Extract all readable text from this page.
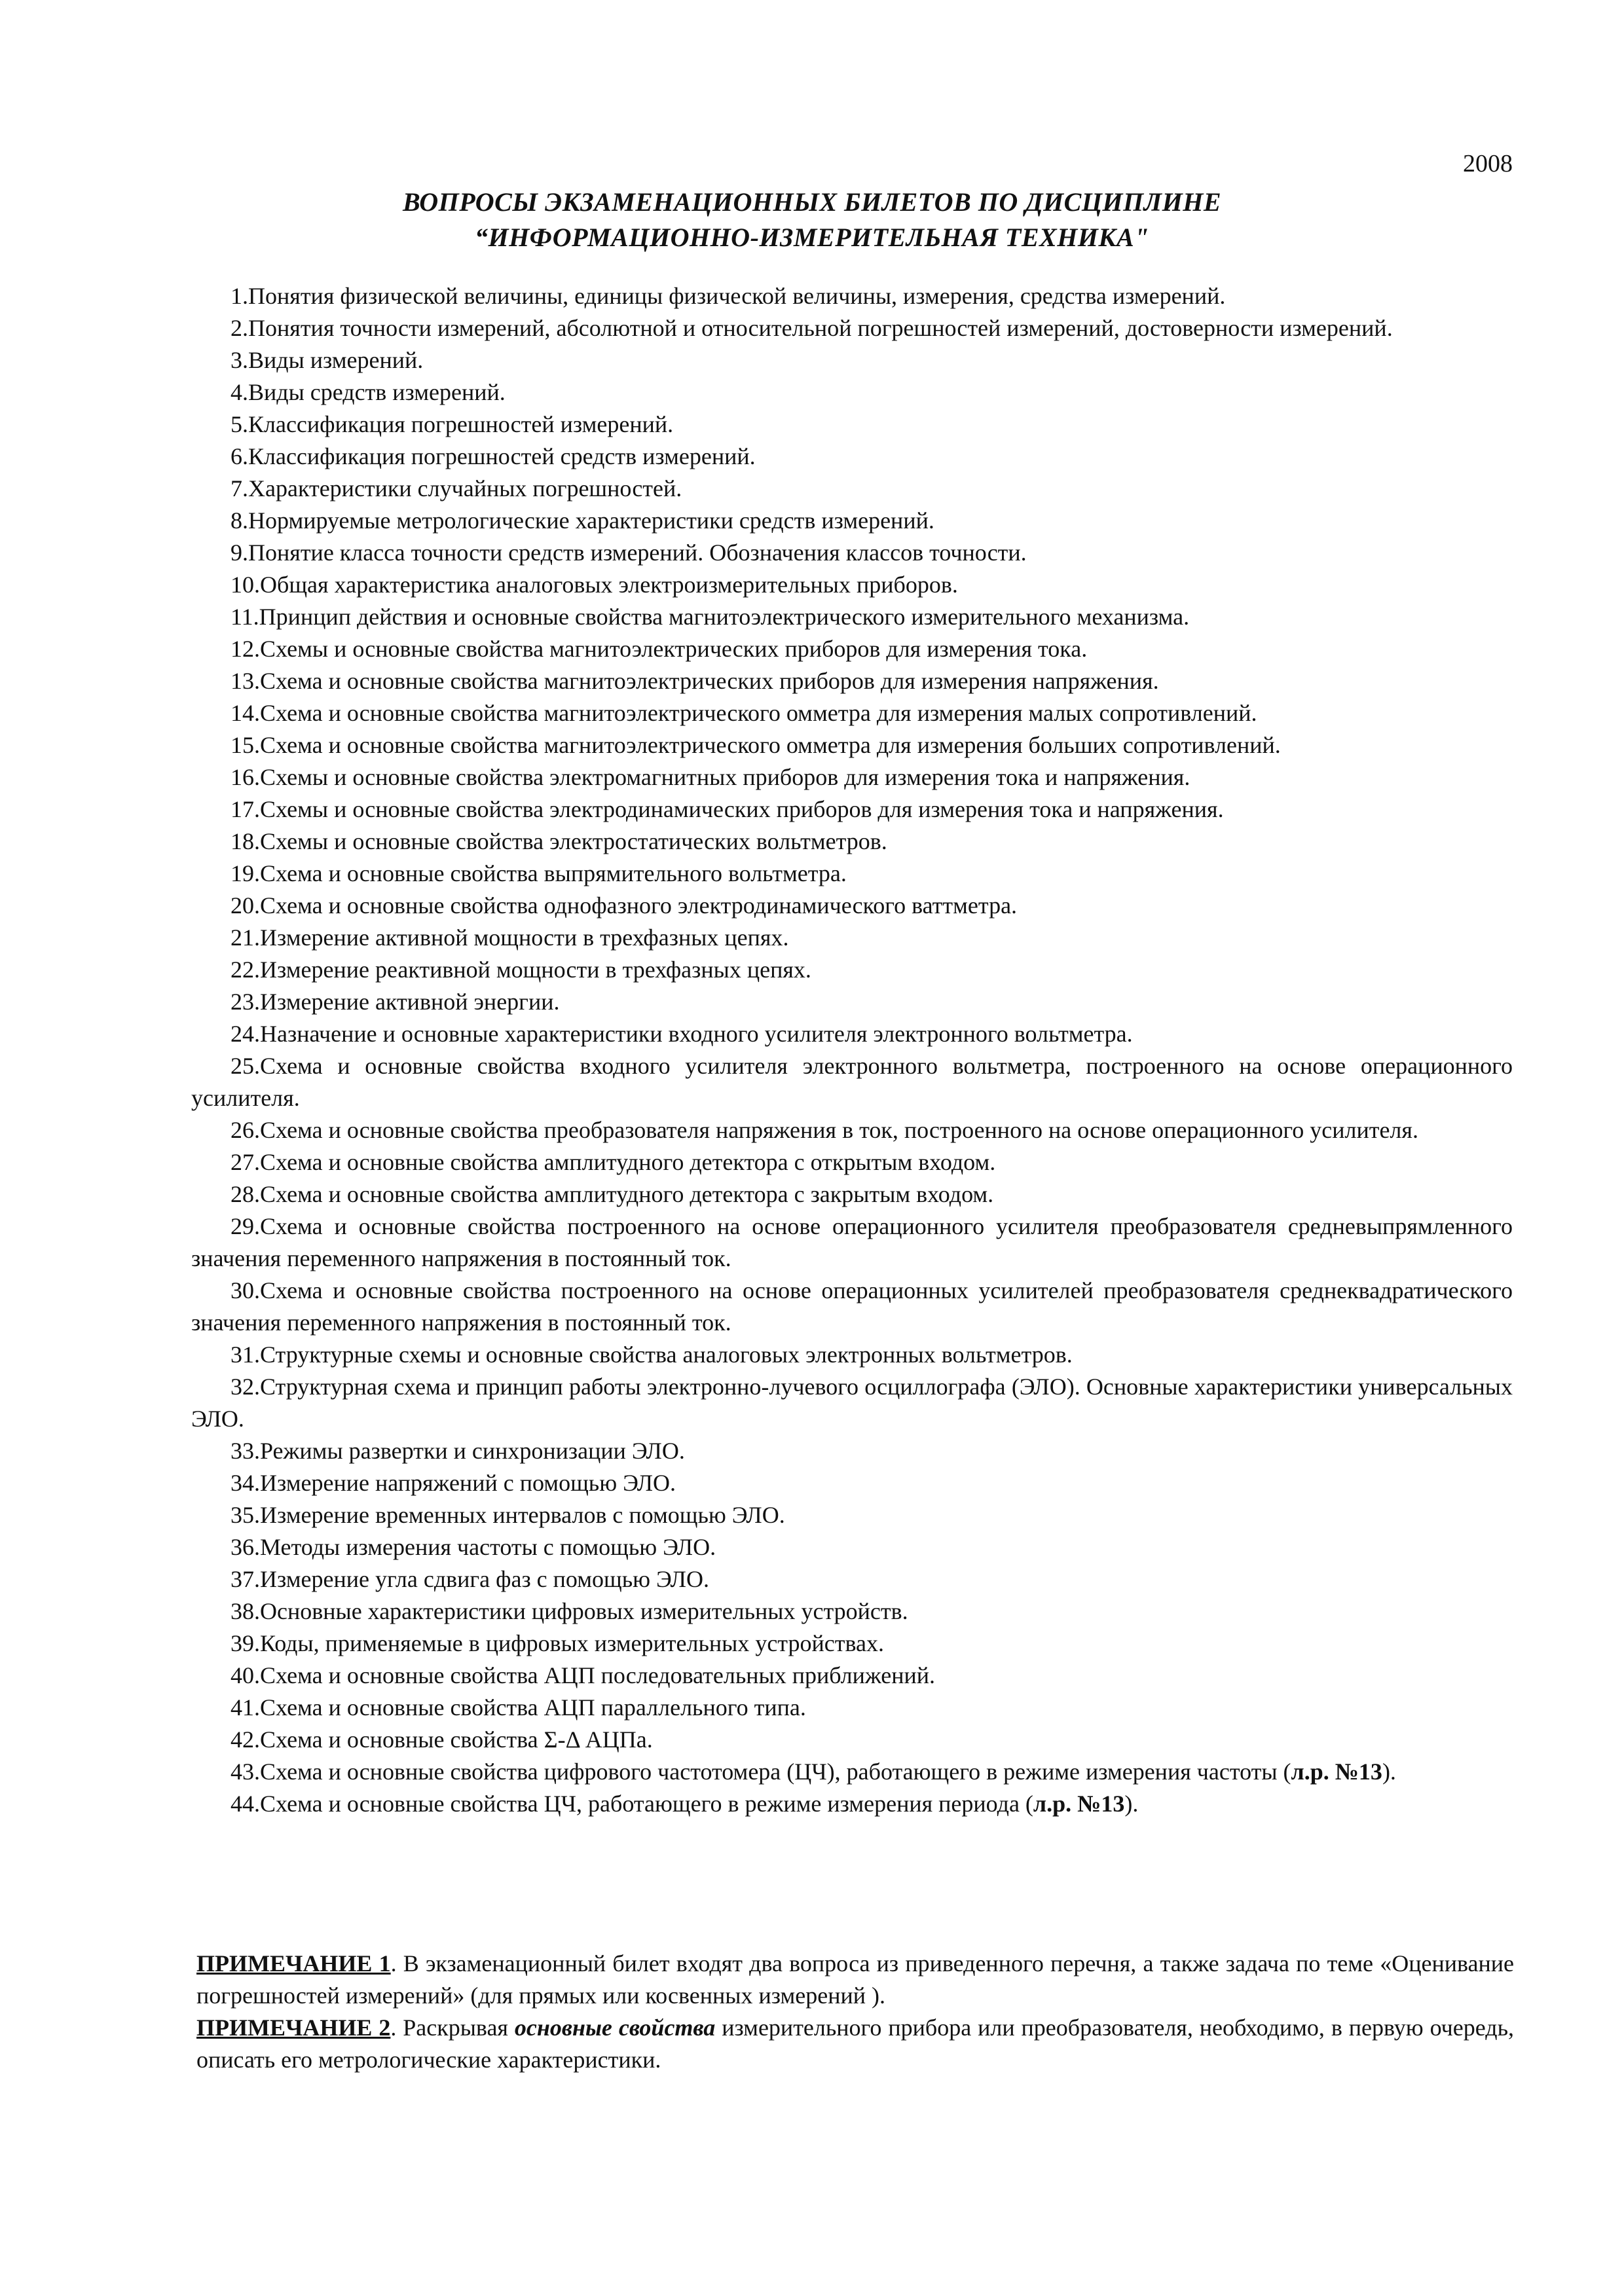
2008
ВОПРОСЫ ЭКЗАМЕНАЦИОННЫХ БИЛЕТОВ ПО ДИСЦИПЛИНЕ
“ИНФОРМАЦИОННО-ИЗМЕРИТЕЛЬНАЯ ТЕХНИКА"

1.Понятия физической величины, единицы физической величины, измерения, средства измерений.

2.Понятия точности измерений, абсолютной и относительной погрешностей измерений, достоверности измерений.

3.Виды измерений.

4.Виды средств измерений.

5.Классификация погрешностей измерений.

6.Классификация погрешностей средств измерений.

7.Характеристики случайных погрешностей.

8.Нормируемые метрологические характеристики средств измерений.

9.Понятие класса точности средств измерений. Обозначения классов точности.

10.Общая характеристика аналоговых электроизмерительных приборов.

11.Принцип действия и основные свойства магнитоэлектрического измерительного механизма.

12.Схемы и основные свойства магнитоэлектрических приборов для измерения тока.

13.Схема и основные свойства магнитоэлектрических приборов для измерения напряжения.

14.Схема и основные свойства магнитоэлектрического омметра для измерения малых сопротивлений.

15.Схема и основные свойства магнитоэлектрического омметра для измерения больших сопротивлений.

16.Схемы и основные свойства электромагнитных приборов для измерения тока и напряжения.

17.Схемы и основные свойства электродинамических приборов для измерения тока и напряжения.

18.Схемы и основные свойства электростатических вольтметров.

19.Схема и основные свойства выпрямительного вольтметра.

20.Схема и основные свойства однофазного электродинамического ваттметра.

21.Измерение активной мощности в трехфазных цепях.

22.Измерение реактивной мощности в трехфазных цепях.

23.Измерение активной энергии.

24.Назначение и основные характеристики входного усилителя электронного вольтметра.

25.Схема и основные свойства входного усилителя электронного вольтметра, построенного на основе операционного усилителя.

26.Схема и основные свойства преобразователя напряжения в ток, построенного на основе операционного усилителя.

27.Схема и основные свойства амплитудного детектора с открытым входом.

28.Схема и основные свойства амплитудного детектора с закрытым входом.

29.Схема и основные свойства построенного на основе операционного усилителя преобразователя средневыпрямленного значения переменного напряжения в постоянный ток.

30.Схема и основные свойства построенного на основе операционных усилителей преобразователя среднеквадратического значения переменного напряжения в постоянный ток.

31.Структурные схемы и основные свойства аналоговых электронных вольтметров.

32.Структурная схема и принцип работы электронно-лучевого осциллографа (ЭЛО). Основные характеристики универсальных ЭЛО.

33.Режимы развертки и синхронизации ЭЛО.

34.Измерение напряжений с помощью ЭЛО.

35.Измерение временных интервалов с помощью ЭЛО.

36.Методы измерения частоты с помощью ЭЛО.

37.Измерение угла сдвига фаз с помощью ЭЛО.

38.Основные характеристики цифровых измерительных устройств.

39.Коды, применяемые в цифровых измерительных устройствах.

40.Схема и основные свойства АЦП последовательных приближений.

41.Схема и основные свойства АЦП параллельного типа.

42.Схема и основные свойства Σ-Δ АЦПа.

43.Схема и основные свойства цифрового частотомера (ЦЧ), работающего в режиме измерения частоты (л.р. №13).

44.Схема и основные свойства ЦЧ, работающего в режиме измерения периода (л.р. №13).

ПРИМЕЧАНИЕ 1. В экзаменационный билет входят два вопроса из приведенного перечня, а также задача по теме «Оценивание погрешностей измерений» (для прямых или косвенных измерений ).

ПРИМЕЧАНИЕ 2. Раскрывая основные свойства измерительного прибора или преобразователя, необходимо, в первую очередь, описать его метрологические характеристики.
